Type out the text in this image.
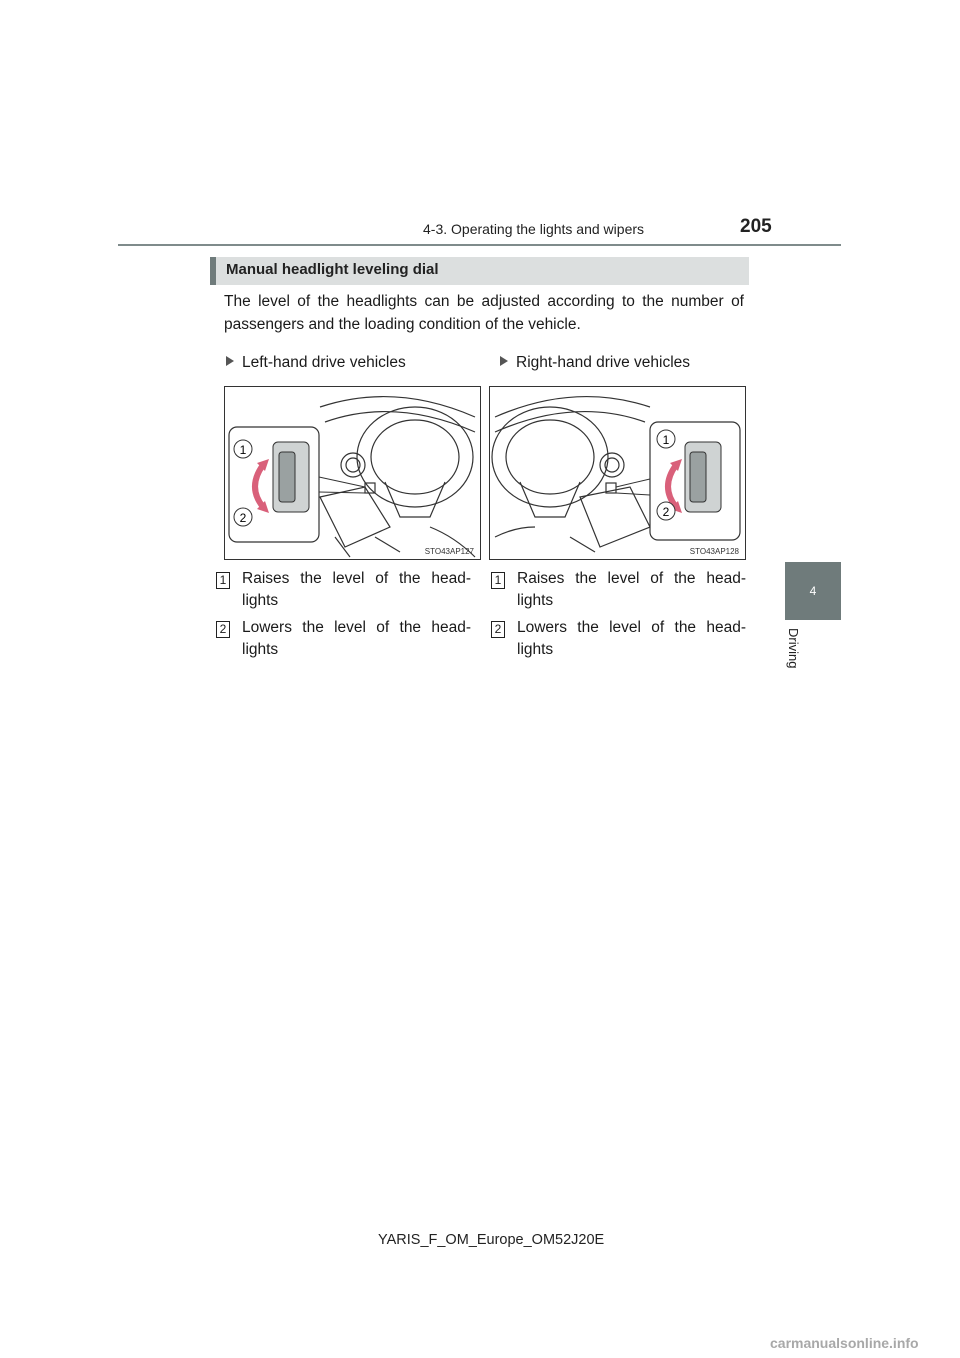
4-3. Operating the lights and wipers	205
4
Driving
Manual headlight leveling dial
The level of the headlights can be adjusted according to the number of passengers and the loading condition of the vehicle.
Left-hand drive vehicles	Right-hand drive vehicles
1
2
STO43AP127
1
2
STO43AP128
1	Raises the level of the head-lights
2	Lowers the level of the head-lights
1	Raises the level of the head-lights
2	Lowers the level of the head-lights
YARIS_F_OM_Europe_OM52J20E
carmanualsonline.info
